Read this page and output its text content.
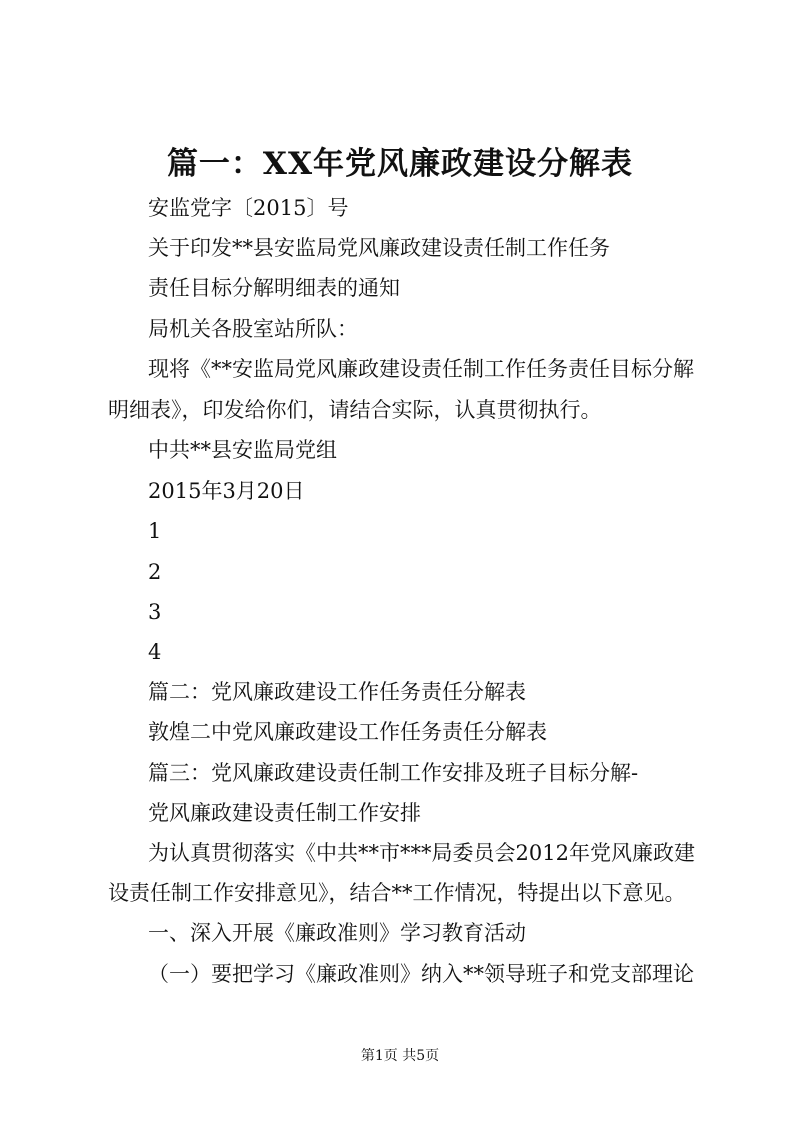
篇一：XX年党风廉政建设分解表
安监党字〔2015〕号
关于印发**县安监局党风廉政建设责任制工作任务
责任目标分解明细表的通知
局机关各股室站所队：
现将《**安监局党风廉政建设责任制工作任务责任目标分解
明细表》，印发给你们，请结合实际，认真贯彻执行。
中共**县安监局党组
2015年3月20日
1
2
3
4
篇二：党风廉政建设工作任务责任分解表
敦煌二中党风廉政建设工作任务责任分解表
篇三：党风廉政建设责任制工作安排及班子目标分解-
党风廉政建设责任制工作安排
为认真贯彻落实《中共**市***局委员会2012年党风廉政建
设责任制工作安排意见》，结合**工作情况，特提出以下意见。
一、深入开展《廉政准则》学习教育活动
（一）要把学习《廉政准则》纳入**领导班子和党支部理论
第1页 共5页
